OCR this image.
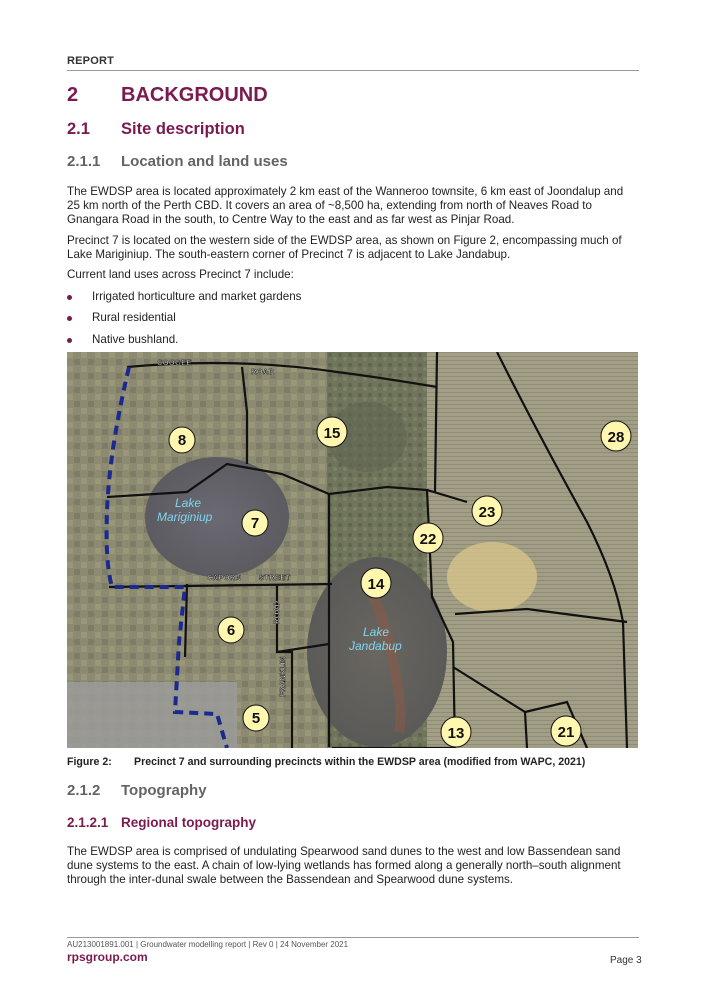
REPORT
2 BACKGROUND
2.1 Site description
2.1.1 Location and land uses
The EWDSP area is located approximately 2 km east of the Wanneroo townsite, 6 km east of Joondalup and
25 km north of the Perth CBD. It covers an area of ~8,500 ha, extending from north of Neaves Road to
Gnangara Road in the south, to Centre Way to the east and as far west as Pinjar Road.
Precinct 7 is located on the western side of the EWDSP area, as shown on Figure 2, encompassing much of
Lake Mariginiup. The south-eastern corner of Precinct 7 is adjacent to Lake Jandabup.
Current land uses across Precinct 7 include:
Irrigated horticulture and market gardens
Rural residential
Native bushland.
COOGEE
ROAD
CAPORN STREET
ROAD
FRANKLIN
Lake
Mariginiup
Lake
Jandabup
8	15	28
7
23
22
14
6
5
13	21
Figure 2: Precinct 7 and surrounding precincts within the EWDSP area (modified from WAPC, 2021)
2.1.2 Topography
2.1.2.1 Regional topography
The EWDSP area is comprised of undulating Spearwood sand dunes to the west and low Bassendean sand
dune systems to the east. A chain of low-lying wetlands has formed along a generally north–south alignment
through the inter-dunal swale between the Bassendean and Spearwood dune systems.
AU213001891.001 | Groundwater modelling report | Rev 0 | 24 November 2021
rpsgroup.com	Page 3
